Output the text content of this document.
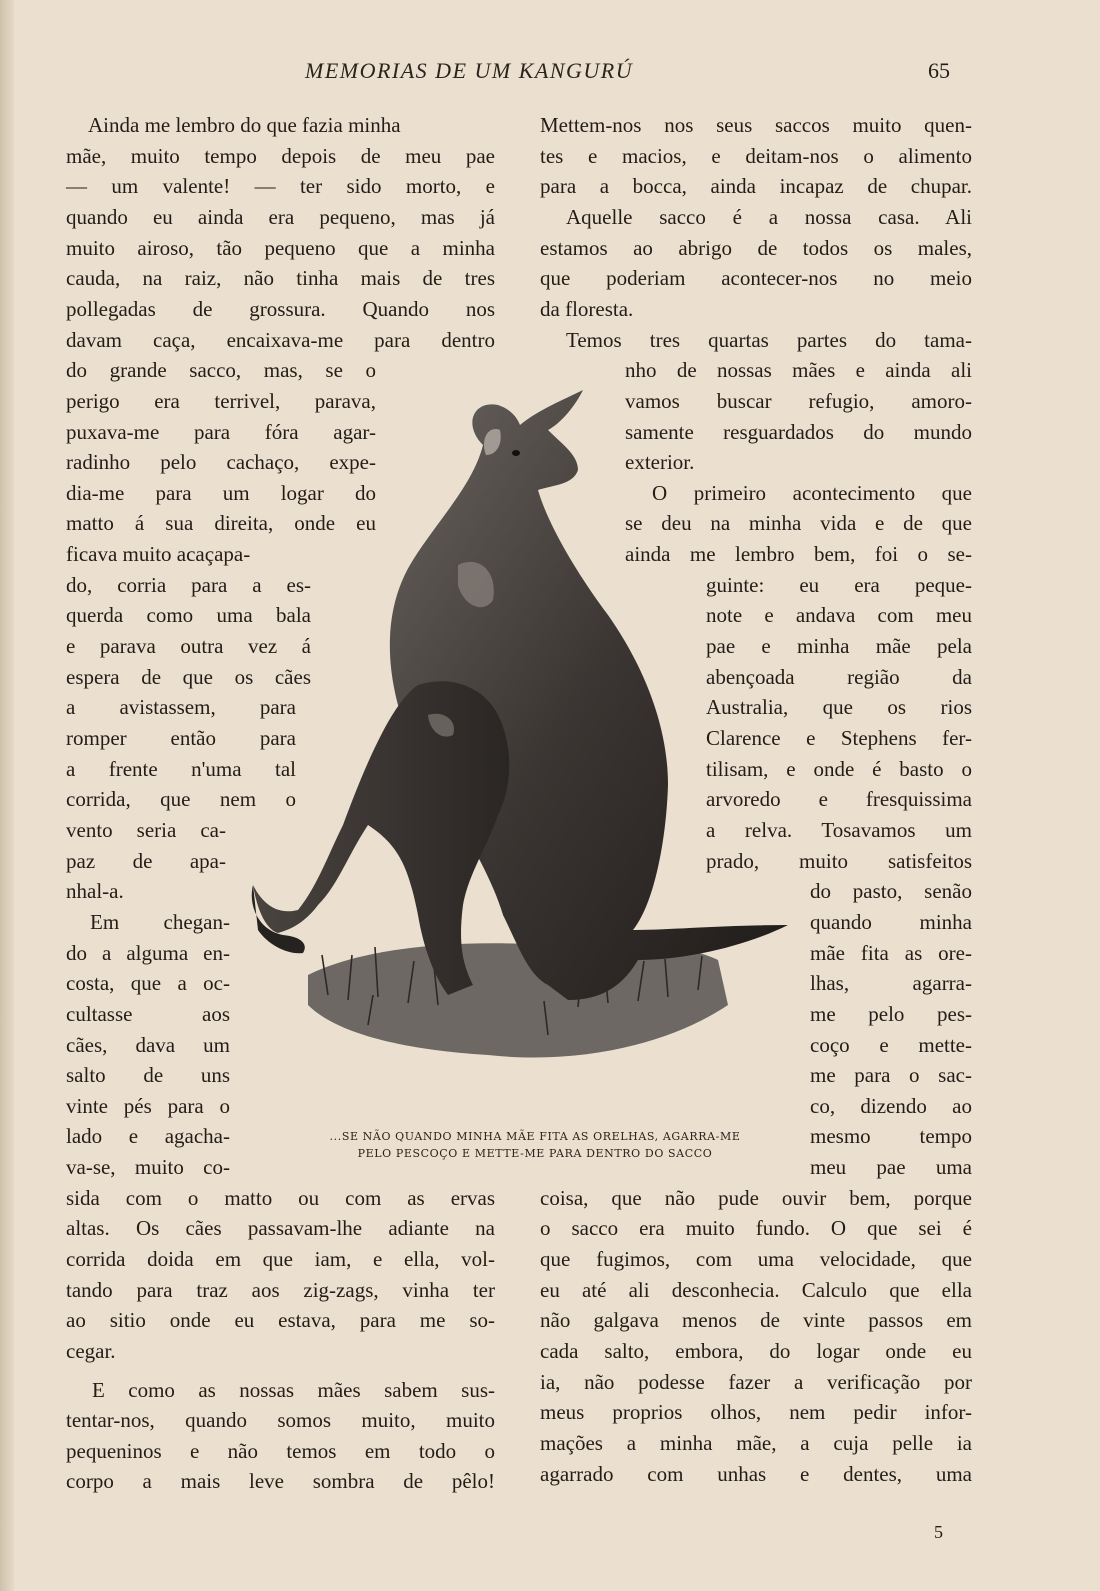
MEMORIAS DE UM KANGURÚ	65
Ainda me lembro do que fazia minha
mãe, muito tempo depois de meu pae
— um valente! — ter sido morto, e
quando eu ainda era pequeno, mas já
muito airoso, tão pequeno que a minha
cauda, na raiz, não tinha mais de tres
pollegadas de grossura. Quando nos
davam caça, encaixava-me para dentro
do grande sacco, mas, se o
perigo era terrivel, parava,
puxava-me para fóra agar-
radinho pelo cachaço, expe-
dia-me para um logar do
matto á sua direita, onde eu
ficava muito acaçapa-
do, corria para a es-
querda como uma bala
e parava outra vez á
espera de que os cães
a avistassem, para
romper então para
a frente n'uma tal
corrida, que nem o
vento seria ca-
paz de apa-
nhal-a.
Em chegan-
do a alguma en-
costa, que a oc-
cultasse aos
cães, dava um
salto de uns
vinte pés para o
lado e agacha-
va-se, muito co-
sida com o matto ou com as ervas
altas. Os cães passavam-lhe adiante na
corrida doida em que iam, e ella, vol-
tando para traz aos zig-zags, vinha ter
ao sitio onde eu estava, para me so-
cegar.
E como as nossas mães sabem sus-
tentar-nos, quando somos muito, muito
pequeninos e não temos em todo o
corpo a mais leve sombra de pêlo!
Mettem-nos nos seus saccos muito quen-
tes e macios, e deitam-nos o alimento
para a bocca, ainda incapaz de chupar.
Aquelle sacco é a nossa casa. Ali
estamos ao abrigo de todos os males,
que poderiam acontecer-nos no meio
da floresta.
Temos tres quartas partes do tama-
nho de nossas mães e ainda ali
vamos buscar refugio, amoro-
samente resguardados do mundo
exterior.
O primeiro acontecimento que
se deu na minha vida e de que
ainda me lembro bem, foi o se-
guinte: eu era peque-
note e andava com meu
pae e minha mãe pela
abençoada região da
Australia, que os rios
Clarence e Stephens fer-
tilisam, e onde é basto o
arvoredo e fresquissima
a relva. Tosavamos um
prado, muito satisfeitos
do pasto, senão
quando minha
mãe fita as ore-
lhas, agarra-
me pelo pes-
coço e mette-
me para o sac-
co, dizendo ao
mesmo tempo
meu pae uma
coisa, que não pude ouvir bem, porque
o sacco era muito fundo. O que sei é
que fugimos, com uma velocidade, que
eu até ali desconhecia. Calculo que ella
não galgava menos de vinte passos em
cada salto, embora, do logar onde eu
ia, não podesse fazer a verificação por
meus proprios olhos, nem pedir infor-
mações a minha mãe, a cuja pelle ia
agarrado com unhas e dentes, uma
...SE NÃO QUANDO MINHA MÃE FITA AS ORELHAS, AGARRA-ME
PELO PESCOÇO E METTE-ME PARA DENTRO DO SACCO
5
